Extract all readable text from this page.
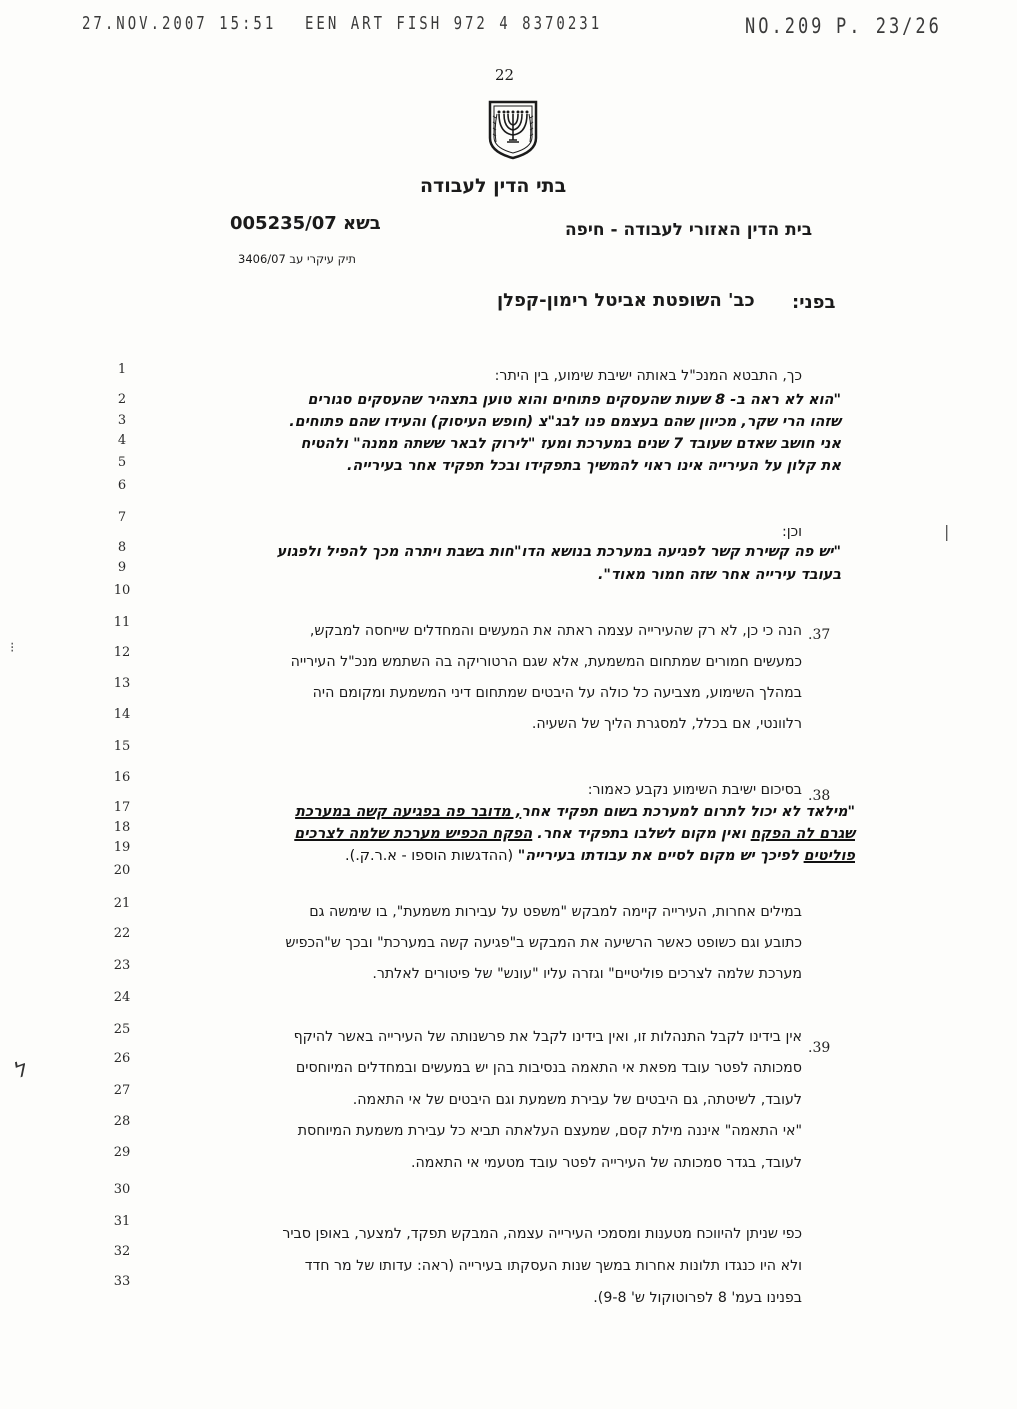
27.NOV.2007 15:51 EEN ART FISH 972 4 8370231	NO.209 P. 23/26
22
בתי הדין לעבודה
בית הדין האזורי לעבודה - חיפה
בשא 005235/07
תיק עיקרי עב 3406/07
בפני:
כב' השופטת אביטל רימון-קפלן
⁝
ל
|
1
2
3
4
5
6
7
8
9
10
11
12
13
14
15
16
17
18
19
20
21
22
23
24
25
26
27
28
29
30
31
32
33
כך, התבטא המנכ"ל באותה ישיבת שימוע, בין היתר:
"הוא לא ראה ב- 8 שעות שהעסקים פתוחים והוא טוען בתצהיר שהעסקים סגורים
שזהו הרי שקר, מכיוון שהם בעצמם פנו לבג"צ (חופש העיסוק) והעידו שהם פתוחים.
אני חושב שאדם שעובד 7 שנים במערכת ומעז "לירוק לבאר ששתה ממנה" ולהטיח
את קלון על העירייה אינו ראוי להמשיך בתפקידו ובכל תפקיד אחר בעירייה.
וכן:
"יש פה קשירת קשר לפגיעה במערכת בנושא הדו"חות בשבת ויתרה מכך להפיל ולפגוע
בעובד עירייה אחר שזה חמור מאוד".
.37
הנה כי כן, לא רק שהעירייה עצמה ראתה את המעשים והמחדלים שייחסה למבקש,
כמעשים חמורים שמתחום המשמעת, אלא שגם הרטוריקה בה השתמש מנכ"ל העירייה
במהלך השימוע, מצביעה כל כולה על היבטים שמתחום דיני המשמעת ומקומם היה
רלוונטי, אם בכלל, למסגרת הליך של השעיה.
.38
בסיכום ישיבת השימוע נקבע כאמור:
"מילאד לא יכול לתרום למערכת בשום תפקיד אחר, מדובר פה בפגיעה קשה במערכת
שגרם לה הפקח ואין מקום לשלבו בתפקיד אחר. הפקח הכפיש מערכת שלמה לצרכים
פוליטים לפיכך יש מקום לסיים את עבודתו בעירייה" (ההדגשות הוספו - א.ר.ק.).
במילים אחרות, העירייה קיימה למבקש "משפט על עבירות משמעת", בו שימשה גם
כתובע וגם כשופט כאשר הרשיעה את המבקש ב"פגיעה קשה במערכת" ובכך ש"הכפיש
מערכת שלמה לצרכים פוליטיים" וגזרה עליו "עונש" של פיטורים לאלתר.
.39
אין בידינו לקבל התנהלות זו, ואין בידינו לקבל את פרשנותה של העירייה באשר להיקף
סמכותה לפטר עובד מפאת אי התאמה בנסיבות בהן יש במעשים ובמחדלים המיוחסים
לעובד, לשיטתה, גם היבטים של עבירת משמעת וגם היבטים של אי התאמה.
"אי התאמה" איננה מילת קסם, שמעצם העלאתה תביא כל עבירת משמעת המיוחסת
לעובד, בגדר סמכותה של העירייה לפטר עובד מטעמי אי התאמה.
כפי שניתן להיווכח מטענות ומסמכי העירייה עצמה, המבקש תפקד, למצער, באופן סביר
ולא היו כנגדו תלונות אחרות במשך שנות העסקתו בעירייה (ראה: עדותו של מר חדד
בפנינו בעמ' 8 לפרוטוקול ש' 9-8).
